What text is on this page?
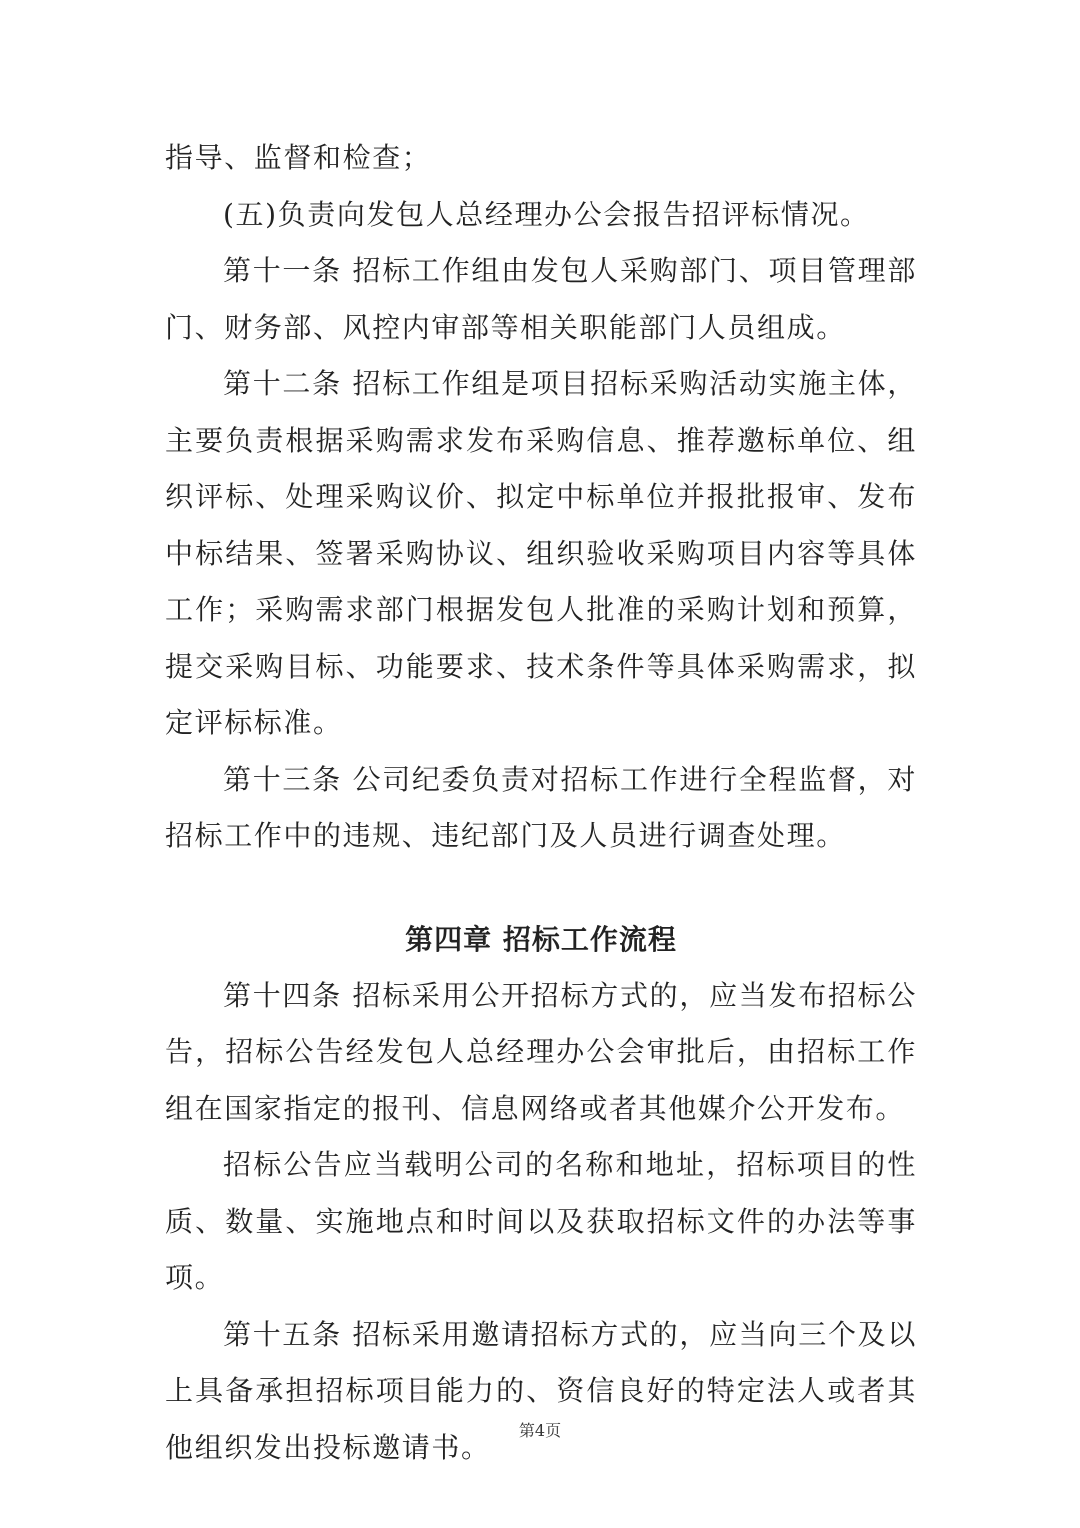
指导、监督和检查；

(五)负责向发包人总经理办公会报告招评标情况。

第十一条 招标工作组由发包人采购部门、项目管理部门、财务部、风控内审部等相关职能部门人员组成。

第十二条 招标工作组是项目招标采购活动实施主体，主要负责根据采购需求发布采购信息、推荐邀标单位、组织评标、处理采购议价、拟定中标单位并报批报审、发布中标结果、签署采购协议、组织验收采购项目内容等具体工作；采购需求部门根据发包人批准的采购计划和预算，提交采购目标、功能要求、技术条件等具体采购需求，拟定评标标准。

第十三条 公司纪委负责对招标工作进行全程监督，对招标工作中的违规、违纪部门及人员进行调查处理。

第四章 招标工作流程

第十四条 招标采用公开招标方式的，应当发布招标公告，招标公告经发包人总经理办公会审批后，由招标工作组在国家指定的报刊、信息网络或者其他媒介公开发布。

招标公告应当载明公司的名称和地址，招标项目的性质、数量、实施地点和时间以及获取招标文件的办法等事项。

第十五条 招标采用邀请招标方式的，应当向三个及以上具备承担招标项目能力的、资信良好的特定法人或者其他组织发出投标邀请书。	第4页
